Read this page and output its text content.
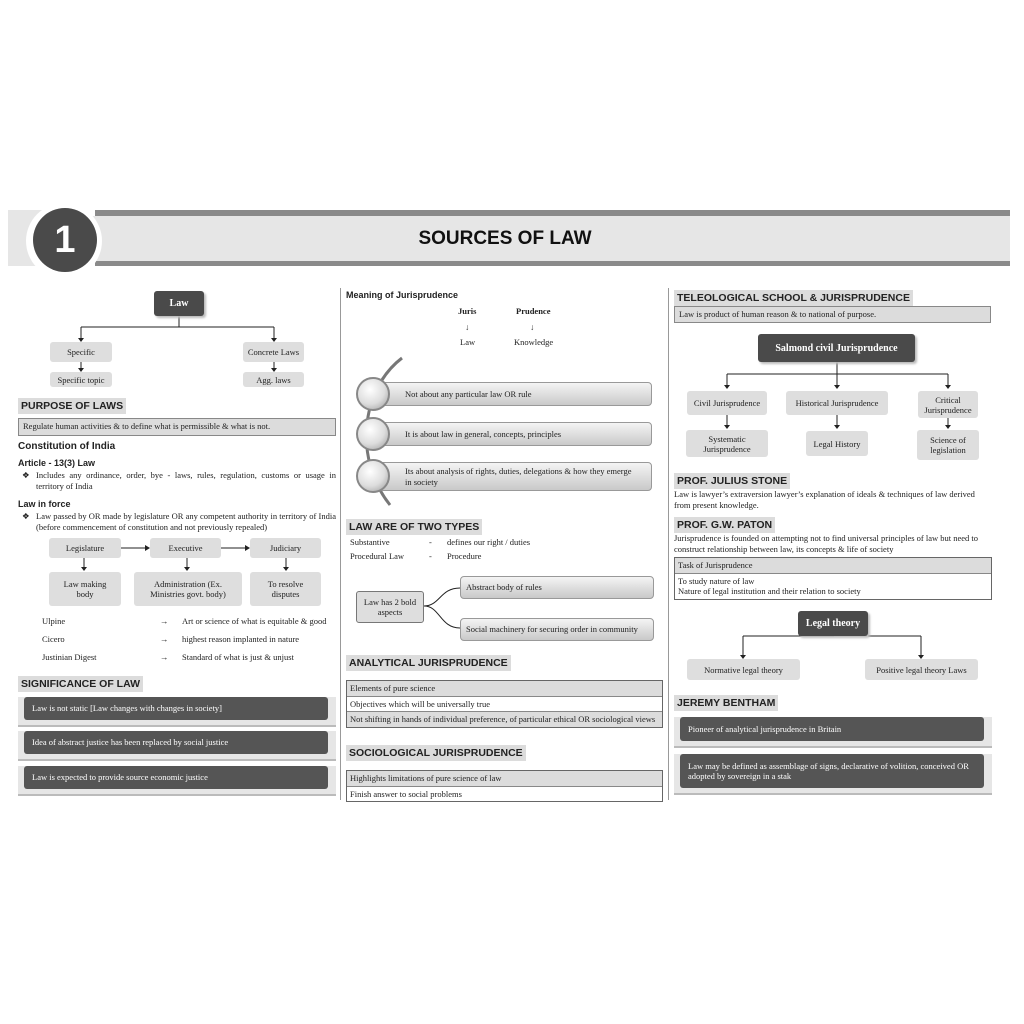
1	SOURCES OF LAW
Law
Specific	Concrete Laws
Specific topic	Agg. laws
PURPOSE OF LAWS
Regulate human activities & to define what is permissible & what is not.
Constitution of India
Article - 13(3) Law
❖ Includes any ordinance, order, bye - laws, rules, regulation, customs or usage in territory of India
Law in force
❖ Law passed by OR made by legislature OR any competent authority in territory of India (before commencement of constitution and not previously repealed)
Legislature	Executive	Judiciary
Law making body
Administration (Ex. Ministries govt. body)
To resolve disputes
Ulpine	→ Art or science of what is equitable & good
Cicero	→ highest reason implanted in nature
Justinian Digest	→ Standard of what is just & unjust
SIGNIFICANCE OF LAW
Law is not static [Law changes with changes in society]
Idea of abstract justice has been replaced by social justice
Law is expected to provide source economic justice
Meaning of Jurisprudence
Juris	Prudence
↓	↓
Law	Knowledge
Not about any particular law OR rule
It is about law in general, concepts, principles
Its about analysis of rights, duties, delegations & how they emerge in society
LAW ARE OF TWO TYPES
Substantive	- defines our right / duties
Procedural Law	- Procedure
Law has 2 bold aspects
Abstract body of rules
Social machinery for securing order in community
ANALYTICAL JURISPRUDENCE
Elements of pure science
Objectives which will be universally true
Not shifting in hands of individual preference, of particular ethical OR sociological views
SOCIOLOGICAL JURISPRUDENCE
Highlights limitations of pure science of law
Finish answer to social problems
TELEOLOGICAL SCHOOL & JURISPRUDENCE
Law is product of human reason & to national of purpose.
Salmond civil Jurisprudence
Civil Jurisprudence	Historical Jurisprudence	Critical Jurisprudence
Systematic Jurisprudence	Legal History	Science of legislation
PROF. JULIUS STONE
Law is lawyer’s extraversion lawyer’s explanation of ideals & techniques of law derived from present knowledge.
PROF. G.W. PATON
Jurisprudence is founded on attempting not to find universal principles of law but need to construct relationship between law, its concepts & life of society
Task of Jurisprudence
To study nature of law
Nature of legal institution and their relation to society
Legal theory
Normative legal theory	Positive legal theory Laws
JEREMY BENTHAM
Pioneer of analytical jurisprudence in Britain
Law may be defined as assemblage of signs, declarative of volition, conceived OR adopted by sovereign in a stak
